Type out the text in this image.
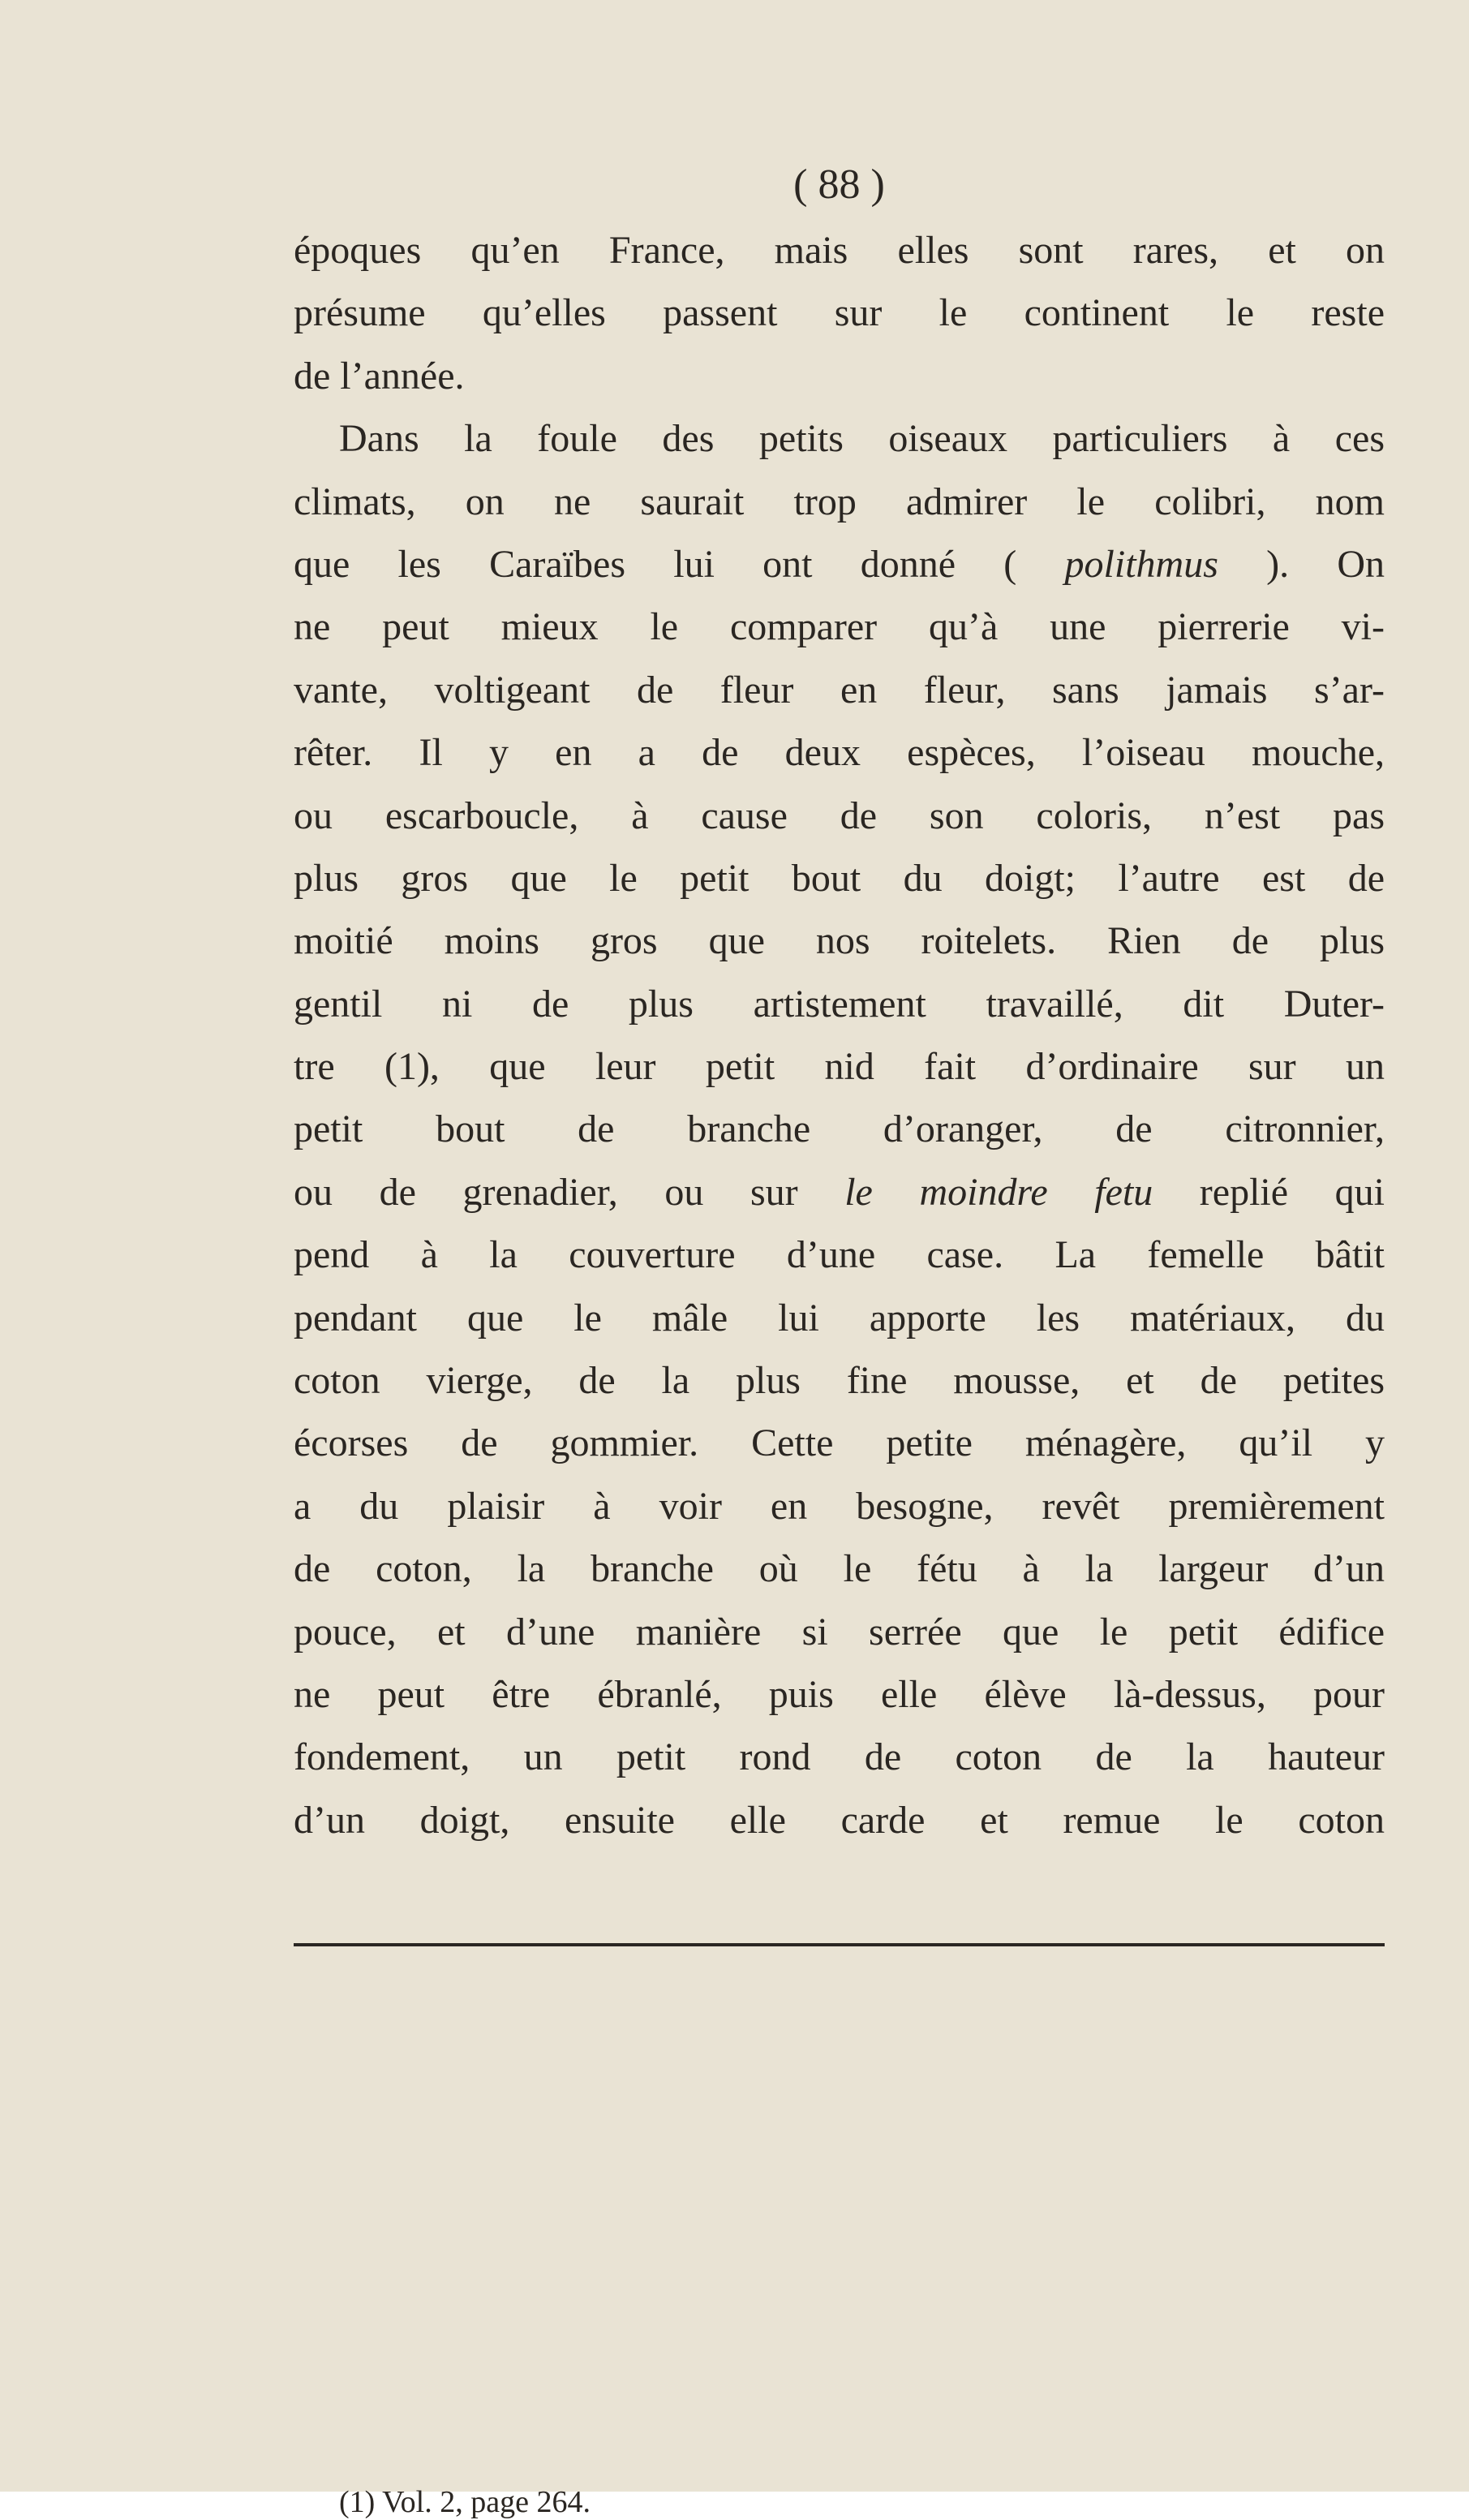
( 88 )
époques qu’en France, mais elles sont rares, et on
présume qu’elles passent sur le continent le reste
de l’année.
Dans la foule des petits oiseaux particuliers à ces
climats, on ne saurait trop admirer le colibri, nom
que les Caraïbes lui ont donné ( polithmus ). On
ne peut mieux le comparer qu’à une pierrerie vi-
vante, voltigeant de fleur en fleur, sans jamais s’ar-
rêter. Il y en a de deux espèces, l’oiseau mouche,
ou escarboucle, à cause de son coloris, n’est pas
plus gros que le petit bout du doigt; l’autre est de
moitié moins gros que nos roitelets. Rien de plus
gentil ni de plus artistement travaillé, dit Duter-
tre (1), que leur petit nid fait d’ordinaire sur un
petit bout de branche d’oranger, de citronnier,
ou de grenadier, ou sur le moindre fetu replié qui
pend à la couverture d’une case. La femelle bâtit
pendant que le mâle lui apporte les matériaux, du
coton vierge, de la plus fine mousse, et de petites
écorses de gommier. Cette petite ménagère, qu’il y
a du plaisir à voir en besogne, revêt premièrement
de coton, la branche où le fétu à la largeur d’un
pouce, et d’une manière si serrée que le petit édifice
ne peut être ébranlé, puis elle élève là-dessus, pour
fondement, un petit rond de coton de la hauteur
d’un doigt, ensuite elle carde et remue le coton
(1) Vol. 2, page 264.
